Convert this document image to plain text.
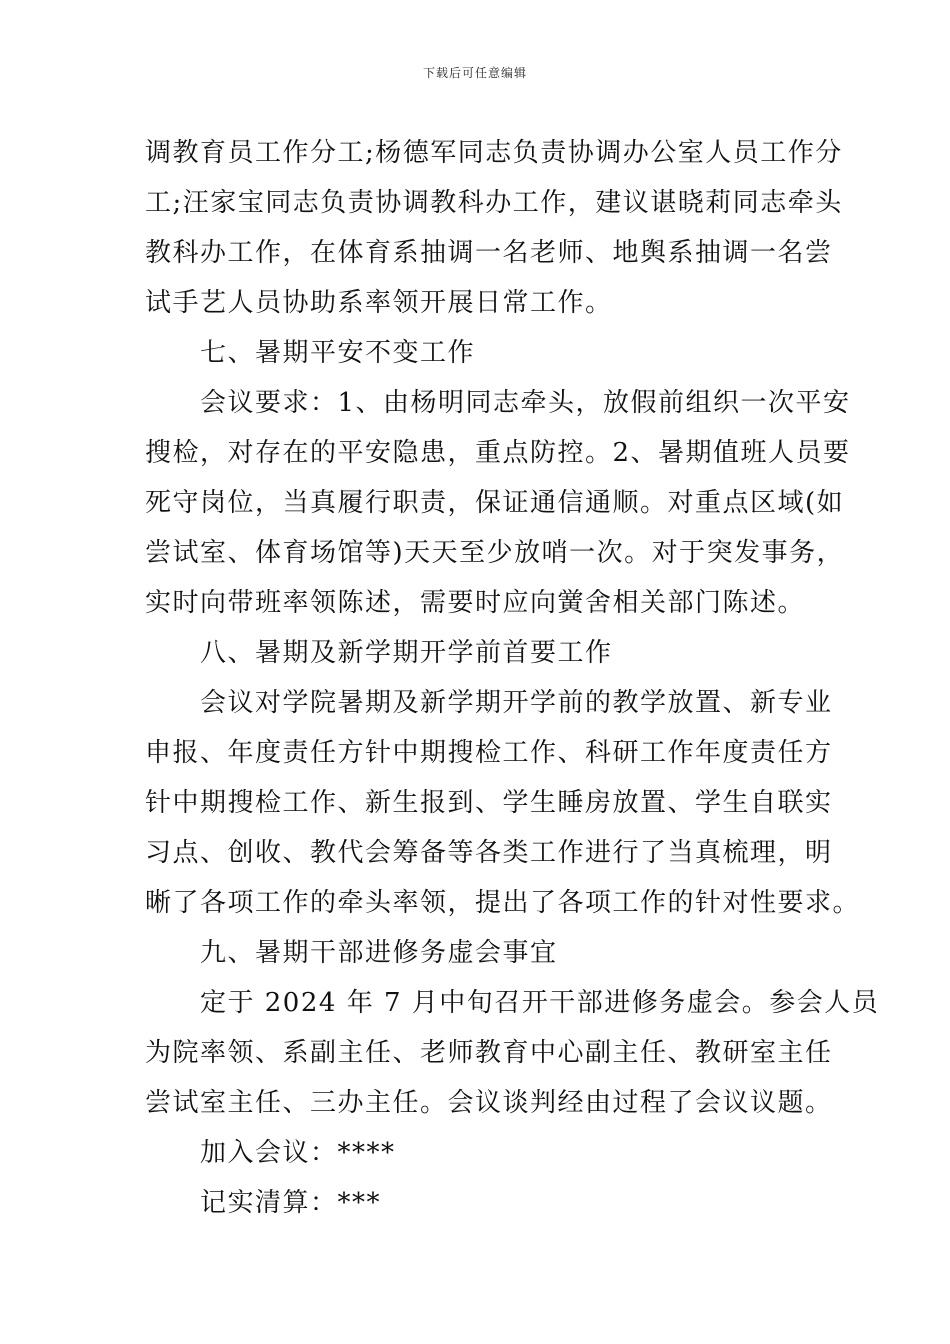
下载后可任意编辑
调教育员工作分工;杨德军同志负责协调办公室人员工作分
工;汪家宝同志负责协调教科办工作，建议谌晓莉同志牵头
教科办工作，在体育系抽调一名老师、地舆系抽调一名尝
试手艺人员协助系率领开展日常工作。
　　七、暑期平安不变工作
　　会议要求：1、由杨明同志牵头，放假前组织一次平安
搜检，对存在的平安隐患，重点防控。2、暑期值班人员要
死守岗位，当真履行职责，保证通信通顺。对重点区域(如
尝试室、体育场馆等)天天至少放哨一次。对于突发事务，
实时向带班率领陈述，需要时应向黉舍相关部门陈述。
　　八、暑期及新学期开学前首要工作
　　会议对学院暑期及新学期开学前的教学放置、新专业
申报、年度责任方针中期搜检工作、科研工作年度责任方
针中期搜检工作、新生报到、学生睡房放置、学生自联实
习点、创收、教代会筹备等各类工作进行了当真梳理，明
晰了各项工作的牵头率领，提出了各项工作的针对性要求。
　　九、暑期干部进修务虚会事宜
　　定于 2024 年 7 月中旬召开干部进修务虚会。参会人员
为院率领、系副主任、老师教育中心副主任、教研室主任
尝试室主任、三办主任。会议谈判经由过程了会议议题。
　　加入会议：****
　　记实清算：***
